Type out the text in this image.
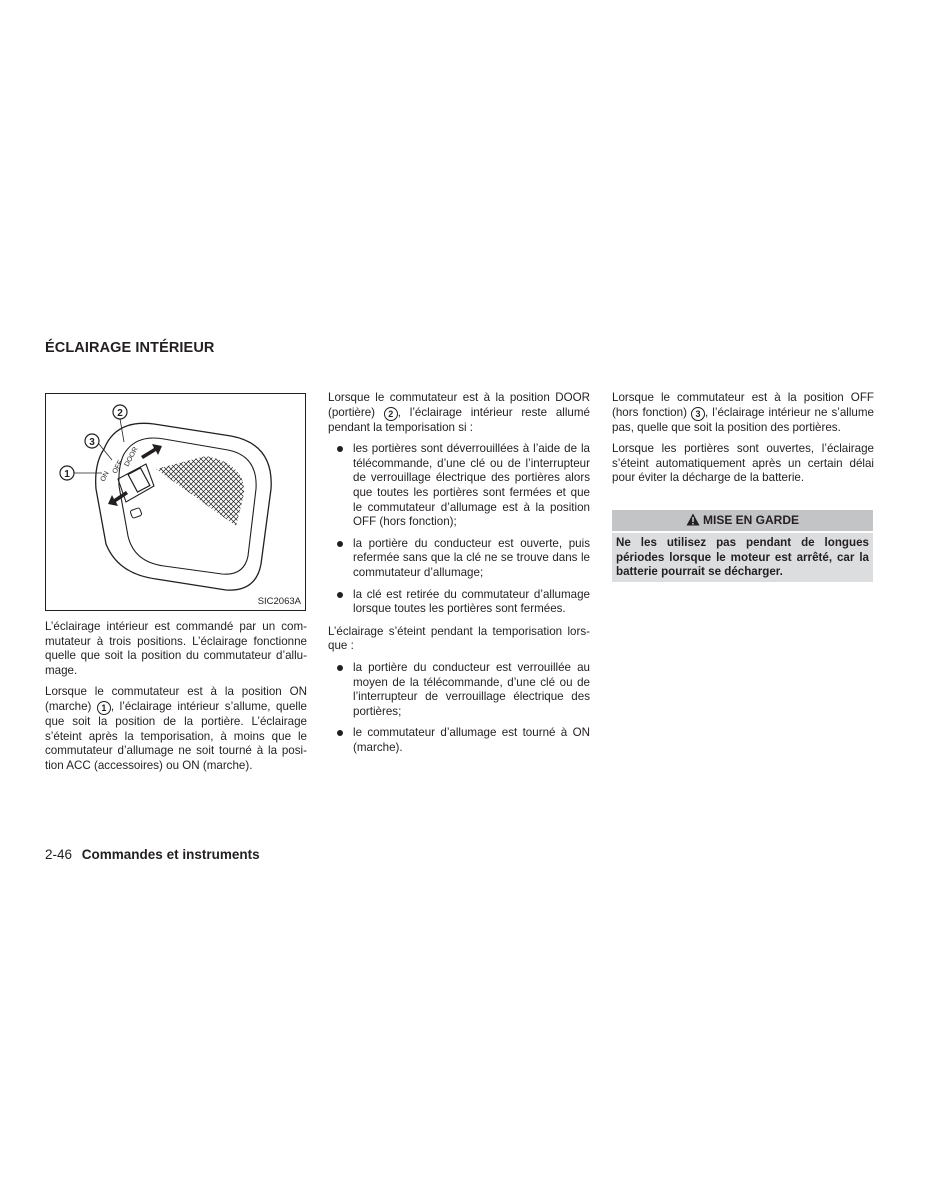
ÉCLAIRAGE INTÉRIEUR
ON
OFF DOOR
2
3
1
SIC2063A

L’éclairage intérieur est commandé par un commutateur à trois positions. L’éclairage fonctionne quelle que soit la position du commutateur d’allumage.

Lorsque le commutateur est à la position ON (marche) 1 , l’éclairage intérieur s’allume, quelle que soit la position de la portière. L’éclairage s’éteint après la temporisation, à moins que le commutateur d’allumage ne soit tourné à la position ACC (accessoires) ou ON (marche).

Lorsque le commutateur est à la position DOOR (portière) 2 , l’éclairage intérieur reste allumé pendant la temporisation si :

les portières sont déverrouillées à l’aide de la télécommande, d’une clé ou de l’interrupteur de verrouillage électrique des portières alors que toutes les portières sont fermées et que le commutateur d’allumage est à la position OFF (hors fonction);
la portière du conducteur est ouverte, puis refermée sans que la clé ne se trouve dans le commutateur d’allumage;
la clé est retirée du commutateur d’allumage lorsque toutes les portières sont fermées.

L’éclairage s’éteint pendant la temporisation lorsque :

la portière du conducteur est verrouillée au moyen de la télécommande, d’une clé ou de l’interrupteur de verrouillage électrique des portières;
le commutateur d’allumage est tourné à ON (marche).

Lorsque le commutateur est à la position OFF (hors fonction) 3 , l’éclairage intérieur ne s’allume pas, quelle que soit la position des portières.

Lorsque les portières sont ouvertes, l’éclairage s’éteint automatiquement après un certain délai pour éviter la décharge de la batterie.

MISE EN GARDE
Ne les utilisez pas pendant de longues périodes lorsque le moteur est arrêté, car la batterie pourrait se décharger.
2-46 Commandes et instruments
